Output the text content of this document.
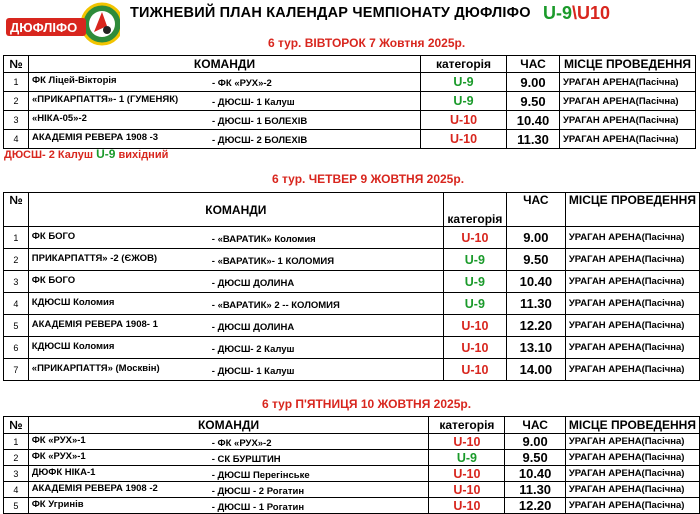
ДЮФЛІФО
ТИЖНЕВИЙ ПЛАН КАЛЕНДАР ЧЕМПІОНАТУ ДЮФЛІФО U-9\U10
6 тур. ВІВТОРОК 7 Жовтня 2025р.
№	КОМАНДИ	категорія	ЧАС	МІСЦЕ ПРОВЕДЕННЯ
1	ФК Ліцей-Вікторія - ФК «РУХ»-2	U-9	9.00	УРАГАН АРЕНА(Пасічна)
2	«ПРИКАРПАТТЯ»- 1 (ГУМЕНЯК) - ДЮСШ- 1 Калуш	U-9	9.50	УРАГАН АРЕНА(Пасічна)
3	«НІКА-05»-2 - ДЮСШ- 1 БОЛЕХІВ	U-10	10.40	УРАГАН АРЕНА(Пасічна)
4	АКАДЕМІЯ РЕВЕРА 1908 -3 - ДЮСШ- 2 БОЛЕХІВ	U-10	11.30	УРАГАН АРЕНА(Пасічна)
ДЮСШ- 2 Калуш U-9 вихідний
6 тур. ЧЕТВЕР 9 ЖОВТНЯ 2025р.
№	КОМАНДИ	категорія	ЧАС	МІСЦЕ ПРОВЕДЕННЯ
1	ФК БОГО - «ВАРАТИК» Коломия	U-10	9.00	УРАГАН АРЕНА(Пасічна)
2	ПРИКАРПАТТЯ» -2 (ЄЖОВ) - «ВАРАТИК»- 1 КОЛОМИЯ	U-9	9.50	УРАГАН АРЕНА(Пасічна)
3	ФК БОГО - ДЮСШ ДОЛИНА	U-9	10.40	УРАГАН АРЕНА(Пасічна)
4	КДЮСШ Коломия - «ВАРАТИК» 2 -- КОЛОМИЯ	U-9	11.30	УРАГАН АРЕНА(Пасічна)
5	АКАДЕМІЯ РЕВЕРА 1908- 1 - ДЮСШ ДОЛИНА	U-10	12.20	УРАГАН АРЕНА(Пасічна)
6	КДЮСШ Коломия - ДЮСШ- 2 Калуш	U-10	13.10	УРАГАН АРЕНА(Пасічна)
7	«ПРИКАРПАТТЯ» (Москвін) - ДЮСШ- 1 Калуш	U-10	14.00	УРАГАН АРЕНА(Пасічна)
6 тур П'ЯТНИЦЯ 10 ЖОВТНЯ 2025р.
№	КОМАНДИ	категорія	ЧАС	МІСЦЕ ПРОВЕДЕННЯ
1	ФК «РУХ»-1 - ФК «РУХ»-2	U-10	9.00	УРАГАН АРЕНА(Пасічна)
2	ФК «РУХ»-1 - СК БУРШТИН	U-9	9.50	УРАГАН АРЕНА(Пасічна)
3	ДЮФК НІКА-1 - ДЮСШ Перегінське	U-10	10.40	УРАГАН АРЕНА(Пасічна)
4	АКАДЕМІЯ РЕВЕРА 1908 -2 - ДЮСШ - 2 Рогатин	U-10	11.30	УРАГАН АРЕНА(Пасічна)
5	ФК Угринів - ДЮСШ - 1 Рогатин	U-10	12.20	УРАГАН АРЕНА(Пасічна)
